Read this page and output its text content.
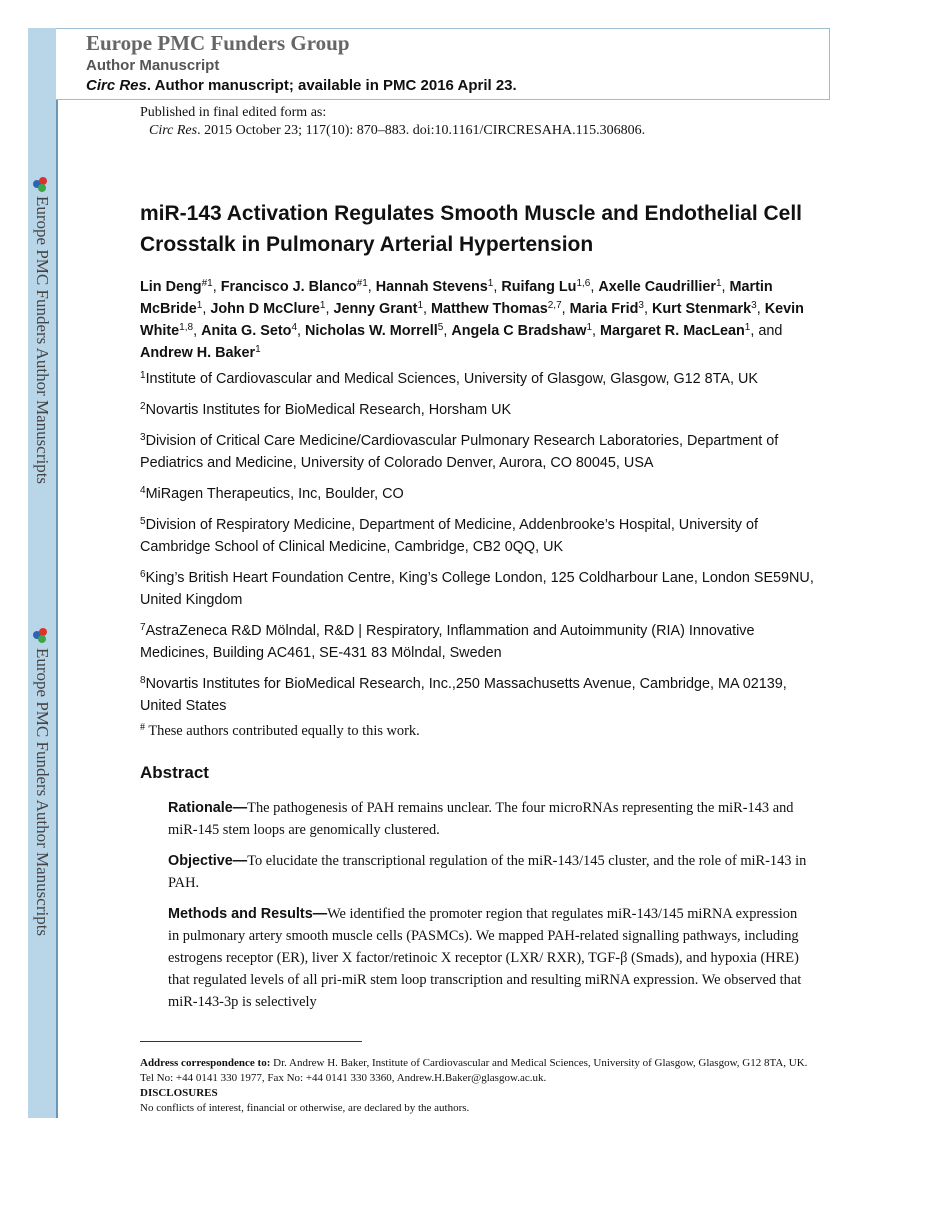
Europe PMC Funders Author Manuscripts
Europe PMC Funders Author Manuscripts
Europe PMC Funders Group
Author Manuscript
Circ Res. Author manuscript; available in PMC 2016 April 23.
Published in final edited form as:
Circ Res. 2015 October 23; 117(10): 870–883. doi:10.1161/CIRCRESAHA.115.306806.
miR-143 Activation Regulates Smooth Muscle and Endothelial Cell Crosstalk in Pulmonary Arterial Hypertension
Lin Deng$^{\#1}$, Francisco J. Blanco$^{\#1}$, Hannah Stevens$^1$, Ruifang Lu$^{1,6}$, Axelle Caudrillier$^1$, Martin McBride$^1$, John D McClure$^1$, Jenny Grant$^1$, Matthew Thomas$^{2,7}$, Maria Frid$^3$, Kurt Stenmark$^3$, Kevin White$^{1,8}$, Anita G. Seto$^4$, Nicholas W. Morrell$^5$, Angela C Bradshaw$^1$, Margaret R. MacLean$^1$, and Andrew H. Baker$^1$
$^1$Institute of Cardiovascular and Medical Sciences, University of Glasgow, Glasgow, G12 8TA, UK
$^2$Novartis Institutes for BioMedical Research, Horsham UK
$^3$Division of Critical Care Medicine/Cardiovascular Pulmonary Research Laboratories, Department of Pediatrics and Medicine, University of Colorado Denver, Aurora, CO 80045, USA
$^4$MiRagen Therapeutics, Inc, Boulder, CO
$^5$Division of Respiratory Medicine, Department of Medicine, Addenbrooke’s Hospital, University of Cambridge School of Clinical Medicine, Cambridge, CB2 0QQ, UK
$^6$King’s British Heart Foundation Centre, King’s College London, 125 Coldharbour Lane, London SE59NU, United Kingdom
$^7$AstraZeneca R&D Mölndal, R&D | Respiratory, Inflammation and Autoimmunity (RIA) Innovative Medicines, Building AC461, SE-431 83 Mölndal, Sweden
$^8$Novartis Institutes for BioMedical Research, Inc.,250 Massachusetts Avenue, Cambridge, MA 02139, United States
# These authors contributed equally to this work.
Abstract

Rationale—The pathogenesis of PAH remains unclear. The four microRNAs representing the miR-143 and miR-145 stem loops are genomically clustered.

Objective—To elucidate the transcriptional regulation of the miR-143/145 cluster, and the role of miR-143 in PAH.

Methods and Results—We identified the promoter region that regulates miR-143/145 miRNA expression in pulmonary artery smooth muscle cells (PASMCs). We mapped PAH-related signalling pathways, including estrogens receptor (ER), liver X factor/retinoic X receptor (LXR/ RXR), TGF-β (Smads), and hypoxia (HRE) that regulated levels of all pri-miR stem loop transcription and resulting miRNA expression. We observed that miR-143-3p is selectively

Address correspondence to: Dr. Andrew H. Baker, Institute of Cardiovascular and Medical Sciences, University of Glasgow, Glasgow, G12 8TA, UK. Tel No: +44 0141 330 1977, Fax No: +44 0141 330 3360, Andrew.H.Baker@glasgow.ac.uk.
DISCLOSURES
No conflicts of interest, financial or otherwise, are declared by the authors.
